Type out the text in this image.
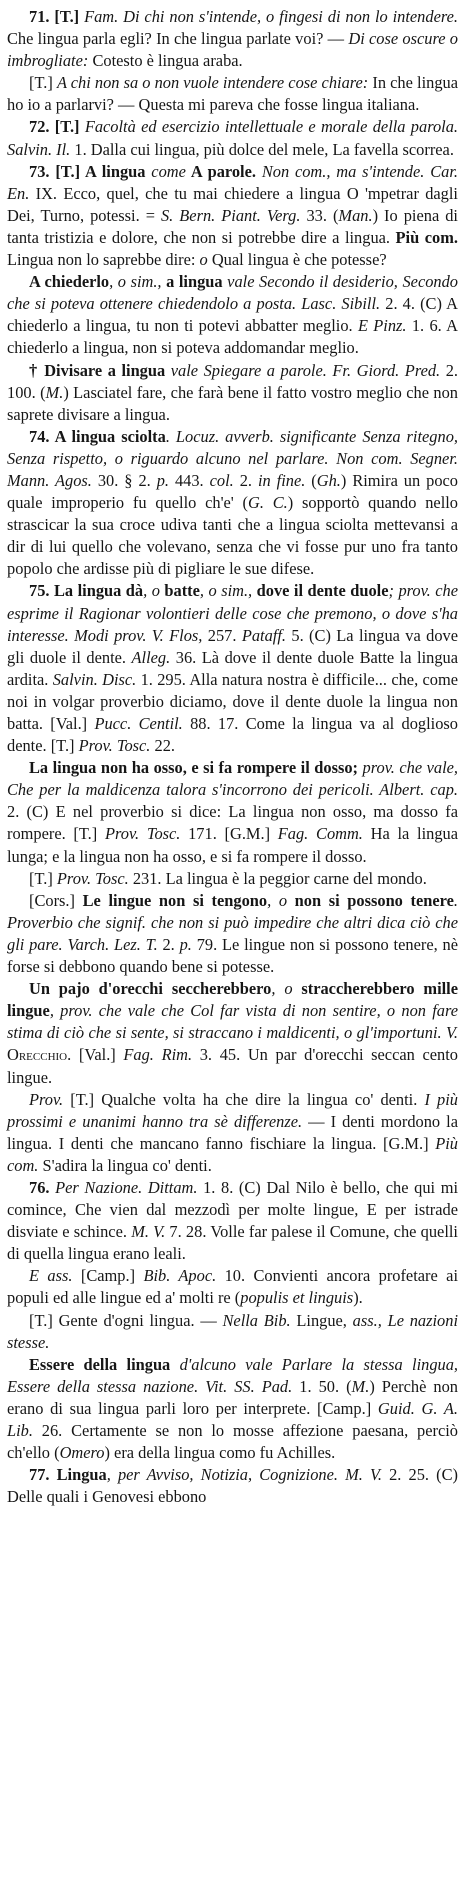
71. [T.] Fam. Di chi non s'intende, o fingesi di non lo intendere. Che lingua parla egli? In che lingua parlate voi? — Di cose oscure o imbrogliate: Cotesto è lingua araba.

[T.] A chi non sa o non vuole intendere cose chiare: In che lingua ho io a parlarvi? — Questa mi pareva che fosse lingua italiana.

72. [T.] Facoltà ed esercizio intellettuale e morale della parola. Salvin. Il. 1. Dalla cui lingua, più dolce del mele, La favella scorrea.

73. [T.] A lingua come A parole. Non com., ma s'intende. Car. En. IX. Ecco, quel, che tu mai chiedere a lingua O 'mpetrar dagli Dei, Turno, potessi. = S. Bern. Piant. Verg. 33. (Man.) Io piena di tanta tristizia e dolore, che non si potrebbe dire a lingua. Più com. Lingua non lo saprebbe dire: o Qual lingua è che potesse?

A chiederlo, o sim., a lingua vale Secondo il desiderio, Secondo che si poteva ottenere chiedendolo a posta. Lasc. Sibill. 2. 4. (C) A chiederlo a lingua, tu non ti potevi abbatter meglio. E Pinz. 1. 6. A chiederlo a lingua, non si poteva addomandar meglio.

† Divisare a lingua vale Spiegare a parole. Fr. Giord. Pred. 2. 100. (M.) Lasciatel fare, che farà bene il fatto vostro meglio che non saprete divisare a lingua.

74. A lingua sciolta. Locuz. avverb. significante Senza ritegno, Senza rispetto, o riguardo alcuno nel parlare. Non com. Segner. Mann. Agos. 30. § 2. p. 443. col. 2. in fine. (Gh.) Rimira un poco quale improperio fu quello ch'e' (G. C.) sopportò quando nello strascicar la sua croce udiva tanti che a lingua sciolta mettevansi a dir di lui quello che volevano, senza che vi fosse pur uno fra tanto popolo che ardisse più di pigliare le sue difese.

75. La lingua dà, o batte, o sim., dove il dente duole; prov. che esprime il Ragionar volontieri delle cose che premono, o dove s'ha interesse. Modi prov. V. Flos, 257. Pataff. 5. (C) La lingua va dove gli duole il dente. Alleg. 36. Là dove il dente duole Batte la lingua ardita. Salvin. Disc. 1. 295. Alla natura nostra è difficile... che, come noi in volgar proverbio diciamo, dove il dente duole la lingua non batta. [Val.] Pucc. Centil. 88. 17. Come la lingua va al doglioso dente. [T.] Prov. Tosc. 22.

La lingua non ha osso, e si fa rompere il dosso; prov. che vale, Che per la maldicenza talora s'incorrono dei pericoli. Albert. cap. 2. (C) E nel proverbio si dice: La lingua non osso, ma dosso fa rompere. [T.] Prov. Tosc. 171. [G.M.] Fag. Comm. Ha la lingua lunga; e la lingua non ha osso, e si fa rompere il dosso.

[T.] Prov. Tosc. 231. La lingua è la peggior carne del mondo.

[Cors.] Le lingue non si tengono, o non si possono tenere. Proverbio che signif. che non si può impedire che altri dica ciò che gli pare. Varch. Lez. T. 2. p. 79. Le lingue non si possono tenere, nè forse si debbono quando bene si potesse.

Un pajo d'orecchi seccherebbero, o straccherebbero mille lingue, prov. che vale che Col far vista di non sentire, o non fare stima di ciò che si sente, si straccano i maldicenti, o gl'importuni. V. Orecchio. [Val.] Fag. Rim. 3. 45. Un par d'orecchi seccan cento lingue.

Prov. [T.] Qualche volta ha che dire la lingua co' denti. I più prossimi e unanimi hanno tra sè differenze. — I denti mordono la lingua. I denti che mancano fanno fischiare la lingua. [G.M.] Più com. S'adira la lingua co' denti.

76. Per Nazione. Dittam. 1. 8. (C) Dal Nilo è bello, che qui mi comince, Che vien dal mezzodì per molte lingue, E per istrade disviate e schince. M. V. 7. 28. Volle far palese il Comune, che quelli di quella lingua erano leali.

E ass. [Camp.] Bib. Apoc. 10. Convienti ancora profetare ai populi ed alle lingue ed a' molti re (populis et linguis).

[T.] Gente d'ogni lingua. — Nella Bib. Lingue, ass., Le nazioni stesse.

Essere della lingua d'alcuno vale Parlare la stessa lingua, Essere della stessa nazione. Vit. SS. Pad. 1. 50. (M.) Perchè non erano di sua lingua parli loro per interprete. [Camp.] Guid. G. A. Lib. 26. Certamente se non lo mosse affezione paesana, perciò ch'ello (Omero) era della lingua como fu Achilles.

77. Lingua, per Avviso, Notizia, Cognizione. M. V. 2. 25. (C) Delle quali i Genovesi ebbono
